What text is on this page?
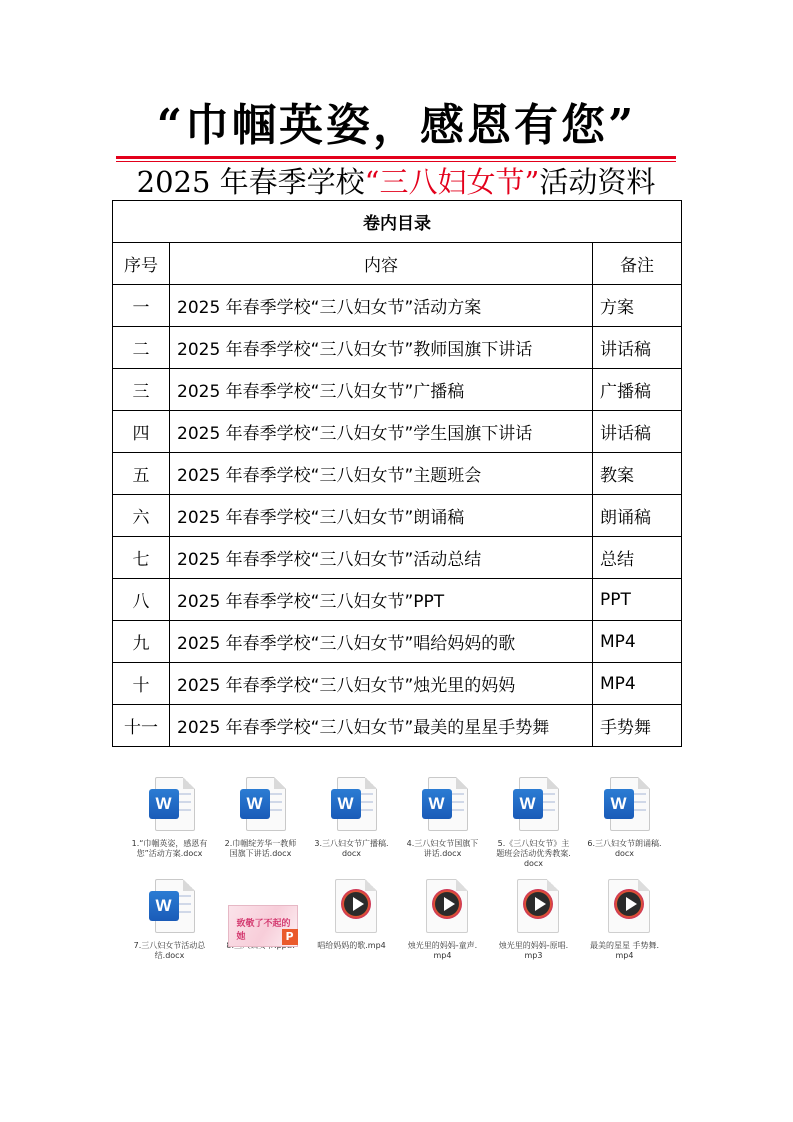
“巾帼英姿，感恩有您”
2025 年春季学校“三八妇女节”活动资料
卷内目录		
序号	内容	备注
一	2025 年春季学校“三八妇女节”活动方案	方案
二	2025 年春季学校“三八妇女节”教师国旗下讲话	讲话稿
三	2025 年春季学校“三八妇女节”广播稿	广播稿
四	2025 年春季学校“三八妇女节”学生国旗下讲话	讲话稿
五	2025 年春季学校“三八妇女节”主题班会	教案
六	2025 年春季学校“三八妇女节”朗诵稿	朗诵稿
七	2025 年春季学校“三八妇女节”活动总结	总结
八	2025 年春季学校“三八妇女节”PPT	PPT
九	2025 年春季学校“三八妇女节”唱给妈妈的歌	MP4
十	2025 年春季学校“三八妇女节”烛光里的妈妈	MP4
十一	2025 年春季学校“三八妇女节”最美的星星手势舞	手势舞
W
1.“巾帼英姿，感恩有您”活动方案.docx
W
2.巾帼绽芳华一教师国旗下讲话.docx
W
3.三八妇女节广播稿.docx
W
4.三八妇女节国旗下讲话.docx
W
5.《三八妇女节》主题班会活动优秀教案.docx
W
6.三八妇女节朗诵稿.docx
W
7.三八妇女节活动总结.docx
致敬了不起的她	P
唱给妈妈的歌.mp4	烛光里的妈妈-童声.mp4
烛光里的妈妈-原唱.mp3
最美的星星 手势舞.mp4
